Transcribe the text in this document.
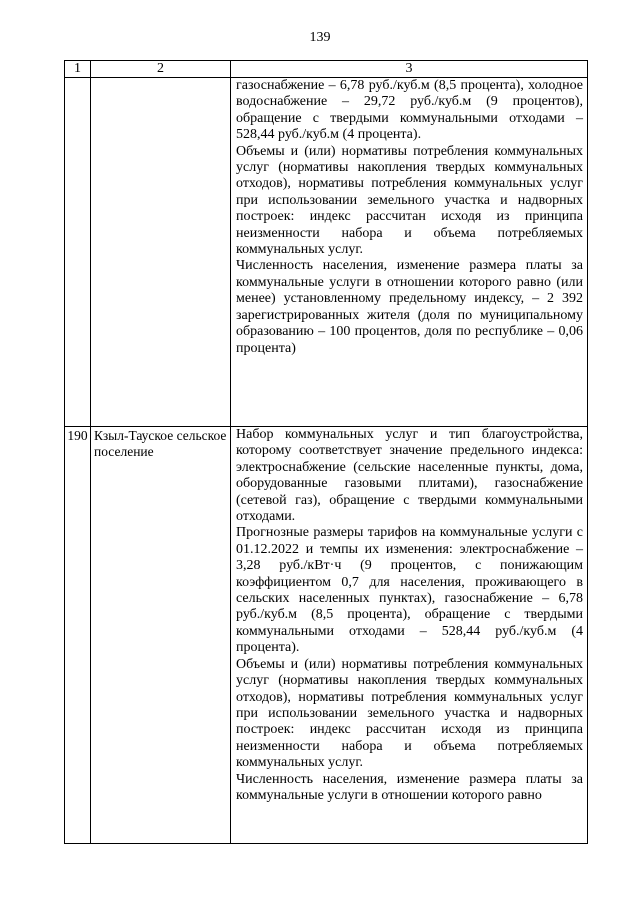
139
1	2	3

		газоснабжение – 6,78 руб./куб.м (8,5 процента), холодное водоснабжение – 29,72 руб./куб.м (9 процентов), обращение с твердыми коммунальными отходами – 528,44 руб./куб.м (4 процента).
Объемы и (или) нормативы потребления коммунальных услуг (нормативы накопления твердых коммунальных отходов), нормативы потребления коммунальных услуг при использовании земельного участка и надворных построек: индекс рассчитан исходя из принципа неизменности набора и объема потребляемых коммунальных услуг.
Численность населения, изменение размера платы за коммунальные услуги в отношении которого равно (или менее) установленному предельному индексу, – 2 392 зарегистрированных жителя (доля по муниципальному образованию – 100 процентов, доля по республике – 0,06 процента)

190	Кзыл-Тауское сельское поселение	Набор коммунальных услуг и тип благоустройства, которому соответствует значение предельного индекса: электроснабжение (сельские населенные пункты, дома, оборудованные газовыми плитами), газоснабжение (сетевой газ), обращение с твердыми коммунальными отходами.
Прогнозные размеры тарифов на коммунальные услуги с 01.12.2022 и темпы их изменения: электроснабжение – 3,28 руб./кВт·ч (9 процентов, с понижающим коэффициентом 0,7 для населения, проживающего в сельских населенных пунктах), газоснабжение – 6,78 руб./куб.м (8,5 процента), обращение с твердыми коммунальными отходами – 528,44 руб./куб.м (4 процента).
Объемы и (или) нормативы потребления коммунальных услуг (нормативы накопления твердых коммунальных отходов), нормативы потребления коммунальных услуг при использовании земельного участка и надворных построек: индекс рассчитан исходя из принципа неизменности набора и объема потребляемых коммунальных услуг.
Численность населения, изменение размера платы за коммунальные услуги в отношении которого равно
